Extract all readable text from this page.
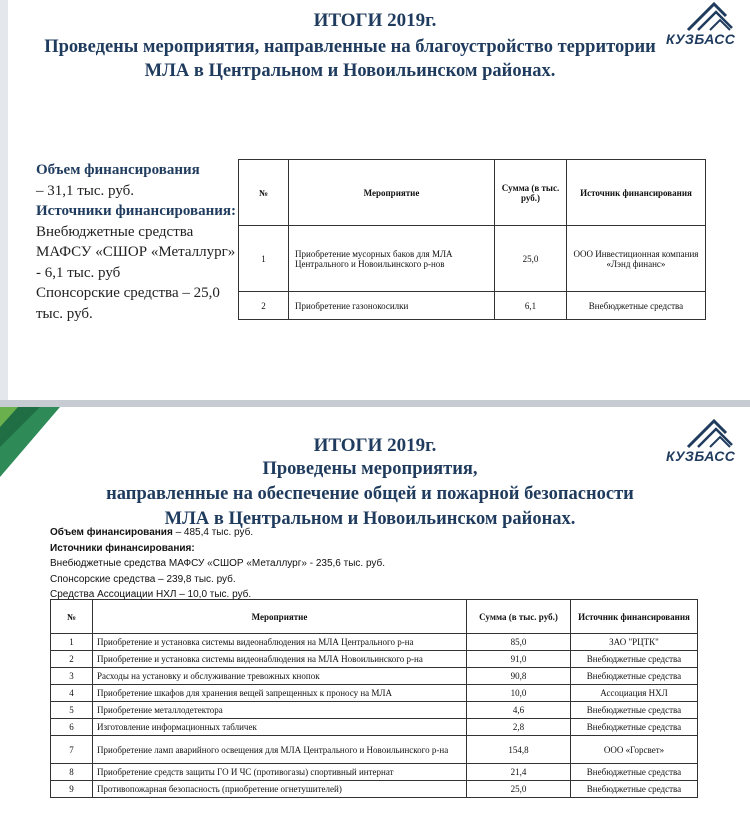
ИТОГИ 2019г.
Проведены мероприятия, направленные на благоустройство территории МЛА в Центральном и Новоильинском районах.
КУЗБАСС
Объем финансирования
– 31,1 тыс. руб.
Источники финансирования:
Внебюджетные средства МАФСУ «СШОР «Металлург» - 6,1 тыс. руб
Спонсорские средства – 25,0 тыс. руб.
№	Мероприятие	Сумма (в тыс. руб.)	Источник финансирования
1	Приобретение мусорных баков для МЛА Центрального и Новоильинского р-нов	25,0	ООО Инвестиционная компания «Лэнд финанс»
2	Приобретение газонокосилки	6,1	Внебюджетные средства
ИТОГИ 2019г.
Проведены мероприятия,
направленные на обеспечение общей и пожарной безопасности
МЛА в Центральном и Новоильинском районах.
КУЗБАСС
Объем финансирования – 485,4 тыс. руб.
Источники финансирования:
Внебюджетные средства МАФСУ «СШОР «Металлург» - 235,6 тыс. руб.
Спонсорские средства – 239,8 тыс. руб.
Средства Ассоциации НХЛ – 10,0 тыс. руб.
№	Мероприятие	Сумма (в тыс. руб.)	Источник финансирования
1	Приобретение и установка системы видеонаблюдения на МЛА Центрального р-на	85,0	ЗАО "РЦТК"
2	Приобретение и установка системы видеонаблюдения на МЛА Новоильинского р-на	91,0	Внебюджетные средства
3	Расходы на установку и обслуживание тревожных кнопок	90,8	Внебюджетные средства
4	Приобретение шкафов для хранения вещей запрещенных к проносу на МЛА	10,0	Ассоциация НХЛ
5	Приобретение металлодетектора	4,6	Внебюджетные средства
6	Изготовление информационных табличек	2,8	Внебюджетные средства
7	Приобретение ламп аварийного освещения для МЛА Центрального и Новоильинского р-на	154,8	ООО «Горсвет»
8	Приобретение средств защиты ГО И ЧС (противогазы) спортивный интернат	21,4	Внебюджетные средства
9	Противопожарная безопасность (приобретение огнетушителей)	25,0	Внебюджетные средства
